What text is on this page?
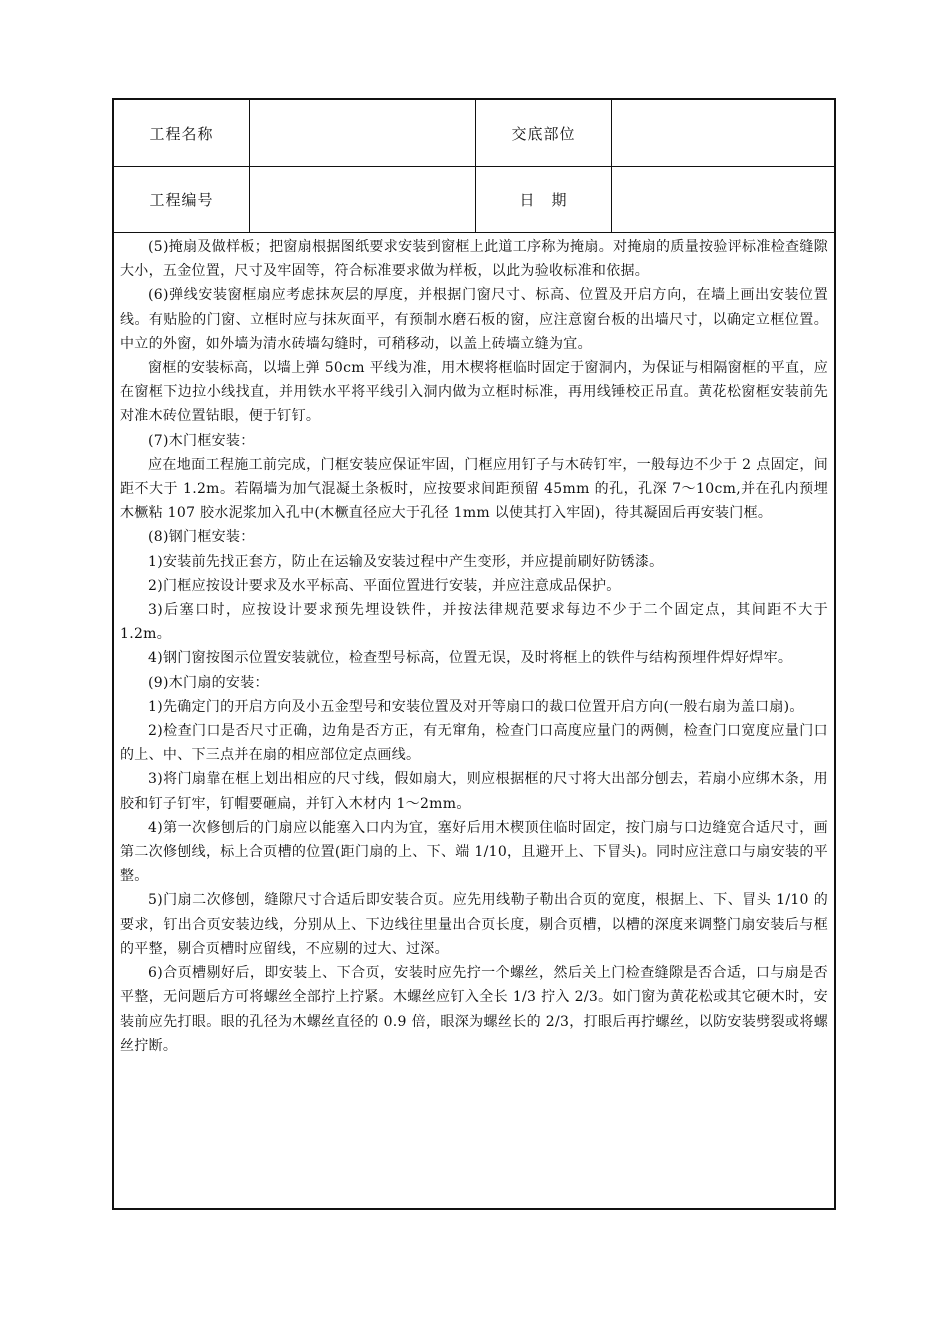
工程名称	交底部位
工程编号	日　期

(5)掩扇及做样板；把窗扇根据图纸要求安装到窗框上此道工序称为掩扇。对掩扇的质量按验评标准检查缝隙大小，五金位置，尺寸及牢固等，符合标准要求做为样板，以此为验收标准和依据。

(6)弹线安装窗框扇应考虑抹灰层的厚度，并根据门窗尺寸、标高、位置及开启方向，在墙上画出安装位置线。有贴脸的门窗、立框时应与抹灰面平，有预制水磨石板的窗，应注意窗台板的出墙尺寸，以确定立框位置。中立的外窗，如外墙为清水砖墙勾缝时，可稍移动，以盖上砖墙立缝为宜。

窗框的安装标高，以墙上弹 50cm 平线为准，用木楔将框临时固定于窗洞内，为保证与相隔窗框的平直，应在窗框下边拉小线找直，并用铁水平将平线引入洞内做为立框时标准，再用线锤校正吊直。黄花松窗框安装前先对准木砖位置钻眼，便于钉钉。

(7)木门框安装：

应在地面工程施工前完成，门框安装应保证牢固，门框应用钉子与木砖钉牢，一般每边不少于 2 点固定，间距不大于 1.2m。若隔墙为加气混凝土条板时，应按要求间距预留 45mm 的孔，孔深 7～10cm,并在孔内预埋木橛粘 107 胶水泥浆加入孔中(木橛直径应大于孔径 1mm 以使其打入牢固)，待其凝固后再安装门框。

(8)钢门框安装：

1)安装前先找正套方，防止在运输及安装过程中产生变形，并应提前刷好防锈漆。

2)门框应按设计要求及水平标高、平面位置进行安装，并应注意成品保护。

3)后塞口时，应按设计要求预先埋设铁件，并按法律规范要求每边不少于二个固定点，其间距不大于 1.2m。

4)钢门窗按图示位置安装就位，检查型号标高，位置无误，及时将框上的铁件与结构预埋件焊好焊牢。

(9)木门扇的安装：

1)先确定门的开启方向及小五金型号和安装位置及对开等扇口的裁口位置开启方向(一般右扇为盖口扇)。

2)检查门口是否尺寸正确，边角是否方正，有无窜角，检查门口高度应量门的两侧，检查门口宽度应量门口的上、中、下三点并在扇的相应部位定点画线。

3)将门扇靠在框上划出相应的尺寸线，假如扇大，则应根据框的尺寸将大出部分刨去，若扇小应绑木条，用胶和钉子钉牢，钉帽要砸扁，并钉入木材内 1～2mm。

4)第一次修刨后的门扇应以能塞入口内为宜，塞好后用木楔顶住临时固定，按门扇与口边缝宽合适尺寸，画第二次修刨线，标上合页槽的位置(距门扇的上、下、端 1/10，且避开上、下冒头)。同时应注意口与扇安装的平整。

5)门扇二次修刨，缝隙尺寸合适后即安装合页。应先用线勒子勒出合页的宽度，根据上、下、冒头 1/10 的要求，钉出合页安装边线，分别从上、下边线往里量出合页长度，剔合页槽，以槽的深度来调整门扇安装后与框的平整，剔合页槽时应留线，不应剔的过大、过深。

6)合页槽剔好后，即安装上、下合页，安装时应先拧一个螺丝，然后关上门检查缝隙是否合适，口与扇是否平整，无问题后方可将螺丝全部拧上拧紧。木螺丝应钉入全长 1/3 拧入 2/3。如门窗为黄花松或其它硬木时，安装前应先打眼。眼的孔径为木螺丝直径的 0.9 倍，眼深为螺丝长的 2/3，打眼后再拧螺丝，以防安装劈裂或将螺丝拧断。
